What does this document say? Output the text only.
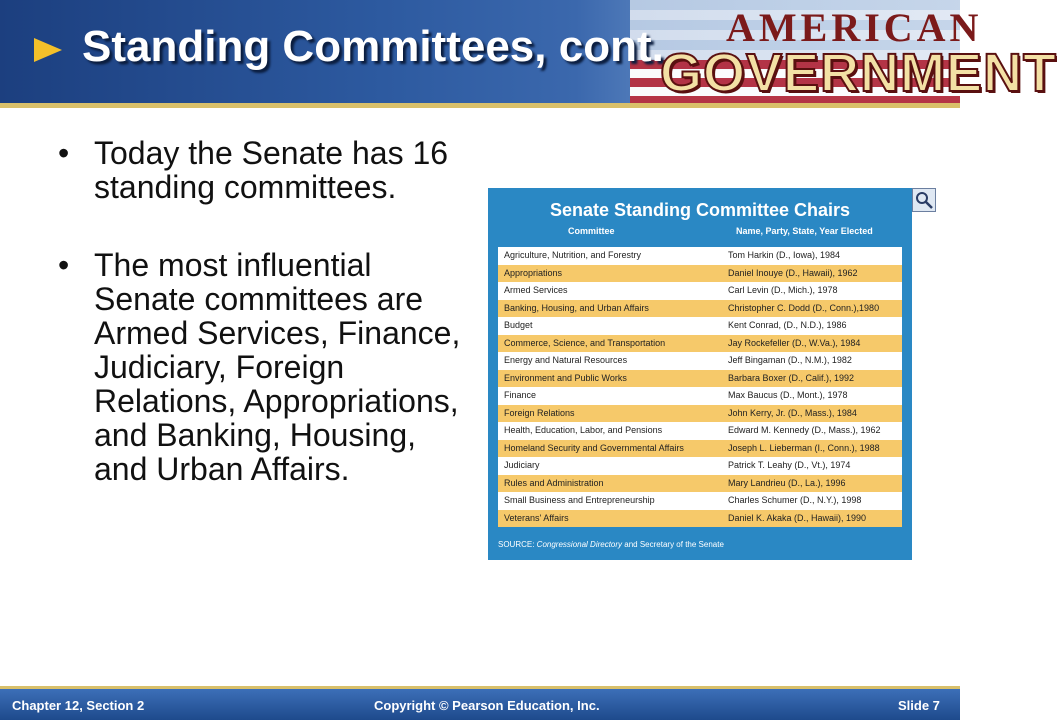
Standing Committees, cont. AMERICAN
GOVERNMENT
• Today the Senate has 16 standing committees.
• The most influential Senate committees are Armed Services, Finance, Judiciary, Foreign Relations, Appropriations, and Banking, Housing, and Urban Affairs.
Senate Standing Committee Chairs
Committee	Name, Party, State, Year Elected
Agriculture, Nutrition, and Forestry	Tom Harkin (D., Iowa), 1984
Appropriations	Daniel Inouye (D., Hawaii), 1962
Armed Services	Carl Levin (D., Mich.), 1978
Banking, Housing, and Urban Affairs	Christopher C. Dodd (D., Conn.),1980
Budget	Kent Conrad, (D., N.D.), 1986
Commerce, Science, and Transportation	Jay Rockefeller (D., W.Va.), 1984
Energy and Natural Resources	Jeff Bingaman (D., N.M.), 1982
Environment and Public Works	Barbara Boxer (D., Calif.), 1992
Finance	Max Baucus (D., Mont.), 1978
Foreign Relations	John Kerry, Jr. (D., Mass.), 1984
Health, Education, Labor, and Pensions	Edward M. Kennedy (D., Mass.), 1962
Homeland Security and Governmental Affairs	Joseph L. Lieberman (I., Conn.), 1988
Judiciary	Patrick T. Leahy (D., Vt.), 1974
Rules and Administration	Mary Landrieu (D., La.), 1996
Small Business and Entrepreneurship	Charles Schumer (D., N.Y.), 1998
Veterans' Affairs	Daniel K. Akaka (D., Hawaii), 1990
SOURCE: Congressional Directory and Secretary of the Senate
Chapter 12, Section 2	Copyright © Pearson Education, Inc.	Slide 7
